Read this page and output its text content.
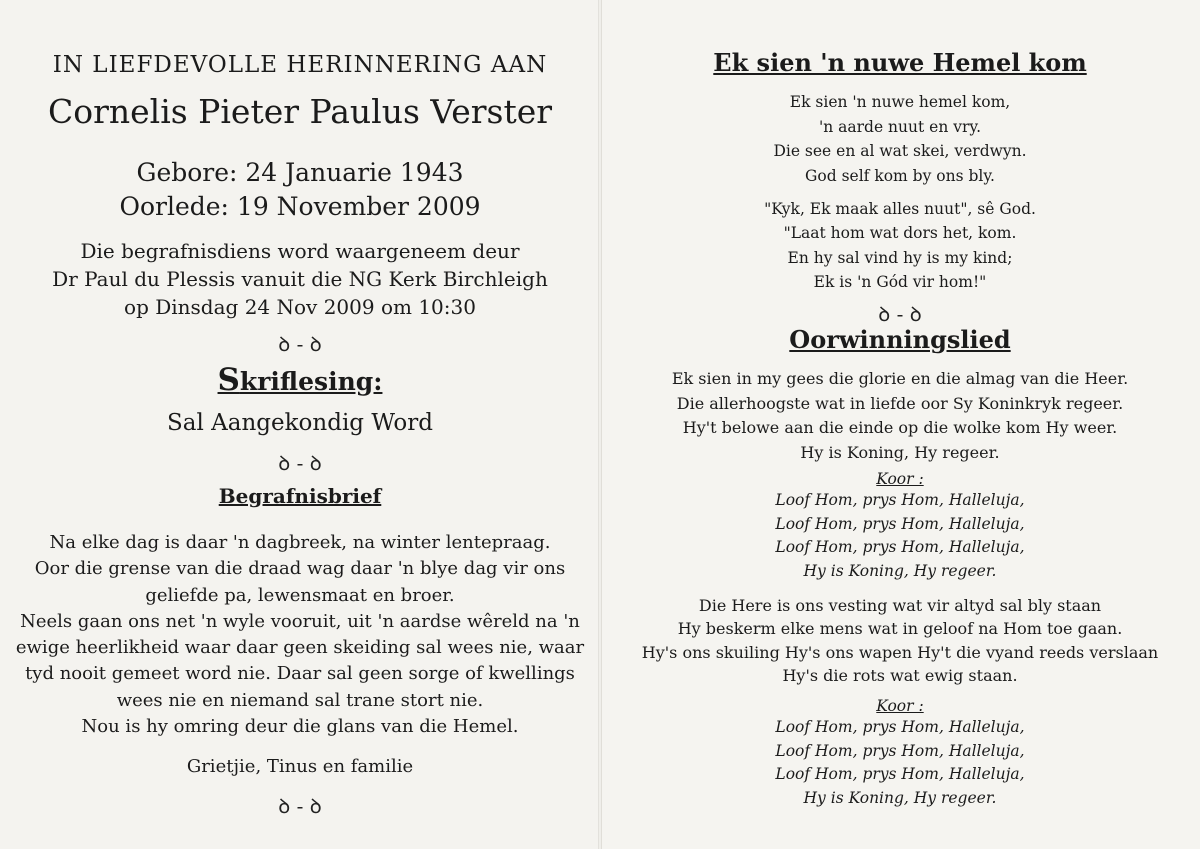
IN LIEFDEVOLLE HERINNERING AAN
Cornelis Pieter Paulus Verster
Gebore: 24 Januarie 1943
Oorlede: 19 November 2009
Die begrafnisdiens word waargeneem deur
Dr Paul du Plessis vanuit die NG Kerk Birchleigh
op Dinsdag 24 Nov 2009 om 10:30
ꝺ - ꝺ
Skriflesing:
Sal Aangekondig Word
ꝺ - ꝺ
Begrafnisbrief
Na elke dag is daar 'n dagbreek, na winter lentepraag.
Oor die grense van die draad wag daar 'n blye dag vir ons
geliefde pa, lewensmaat en broer.
Neels gaan ons net 'n wyle vooruit, uit 'n aardse wêreld na 'n
ewige heerlikheid waar daar geen skeiding sal wees nie, waar
tyd nooit gemeet word nie. Daar sal geen sorge of kwellings
wees nie en niemand sal trane stort nie.
Nou is hy omring deur die glans van die Hemel.
Grietjie, Tinus en familie
ꝺ - ꝺ
Ek sien 'n nuwe Hemel kom
Ek sien 'n nuwe hemel kom,
'n aarde nuut en vry.
Die see en al wat skei, verdwyn.
God self kom by ons bly.
"Kyk, Ek maak alles nuut", sê God.
"Laat hom wat dors het, kom.
En hy sal vind hy is my kind;
Ek is 'n Gód vir hom!"
ꝺ - ꝺ
Oorwinningslied
Ek sien in my gees die glorie en die almag van die Heer.
Die allerhoogste wat in liefde oor Sy Koninkryk regeer.
Hy't belowe aan die einde op die wolke kom Hy weer.
Hy is Koning, Hy regeer.
Koor :
Loof Hom, prys Hom, Halleluja,
Loof Hom, prys Hom, Halleluja,
Loof Hom, prys Hom, Halleluja,
Hy is Koning, Hy regeer.
Die Here is ons vesting wat vir altyd sal bly staan
Hy beskerm elke mens wat in geloof na Hom toe gaan.
Hy's ons skuiling Hy's ons wapen Hy't die vyand reeds verslaan
Hy's die rots wat ewig staan.
Koor :
Loof Hom, prys Hom, Halleluja,
Loof Hom, prys Hom, Halleluja,
Loof Hom, prys Hom, Halleluja,
Hy is Koning, Hy regeer.
